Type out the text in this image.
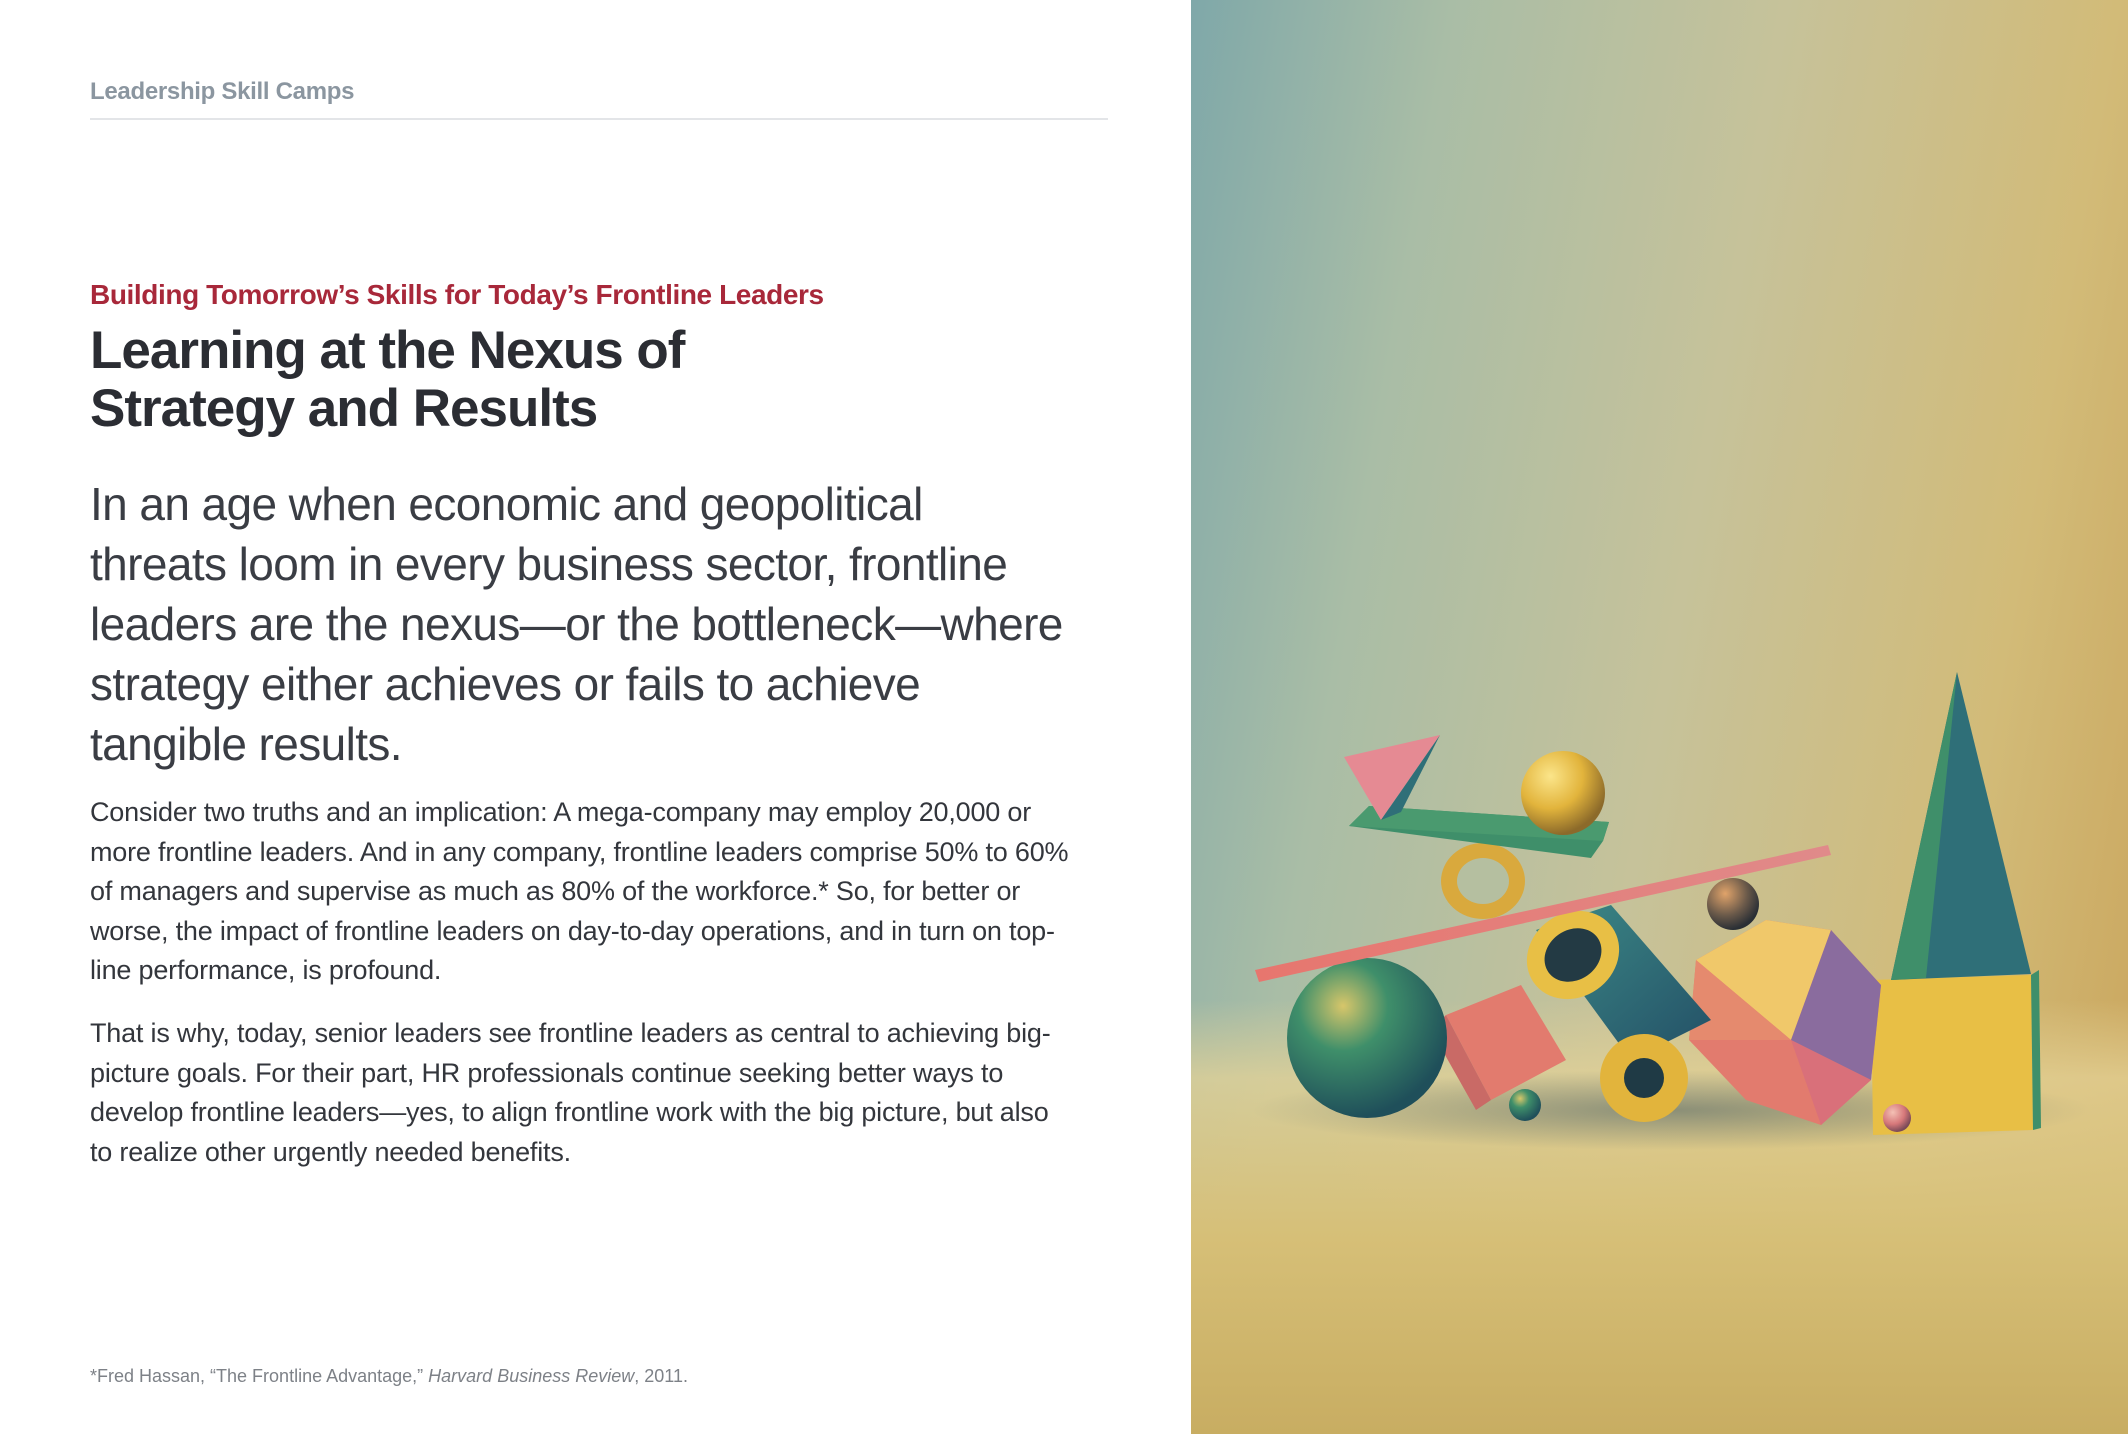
Leadership Skill Camps
Building Tomorrow’s Skills for Today’s Frontline Leaders
Learning at the Nexus of
Strategy and Results

In an age when economic and geopolitical threats loom in every business sector, frontline leaders are the nexus—or the bottleneck—where strategy either achieves or fails to achieve tangible results.

Consider two truths and an implication: A mega-company may employ 20,000 or more frontline leaders. And in any company, frontline leaders comprise 50% to 60% of managers and supervise as much as 80% of the workforce.* So, for better or worse, the impact of frontline leaders on day-to-day operations, and in turn on top-line performance, is profound.

That is why, today, senior leaders see frontline leaders as central to achieving big-picture goals. For their part, HR professionals continue seeking better ways to develop frontline leaders—yes, to align frontline work with the big picture, but also to realize other urgently needed benefits.

*Fred Hassan, “The Frontline Advantage,” Harvard Business Review, 2011.
